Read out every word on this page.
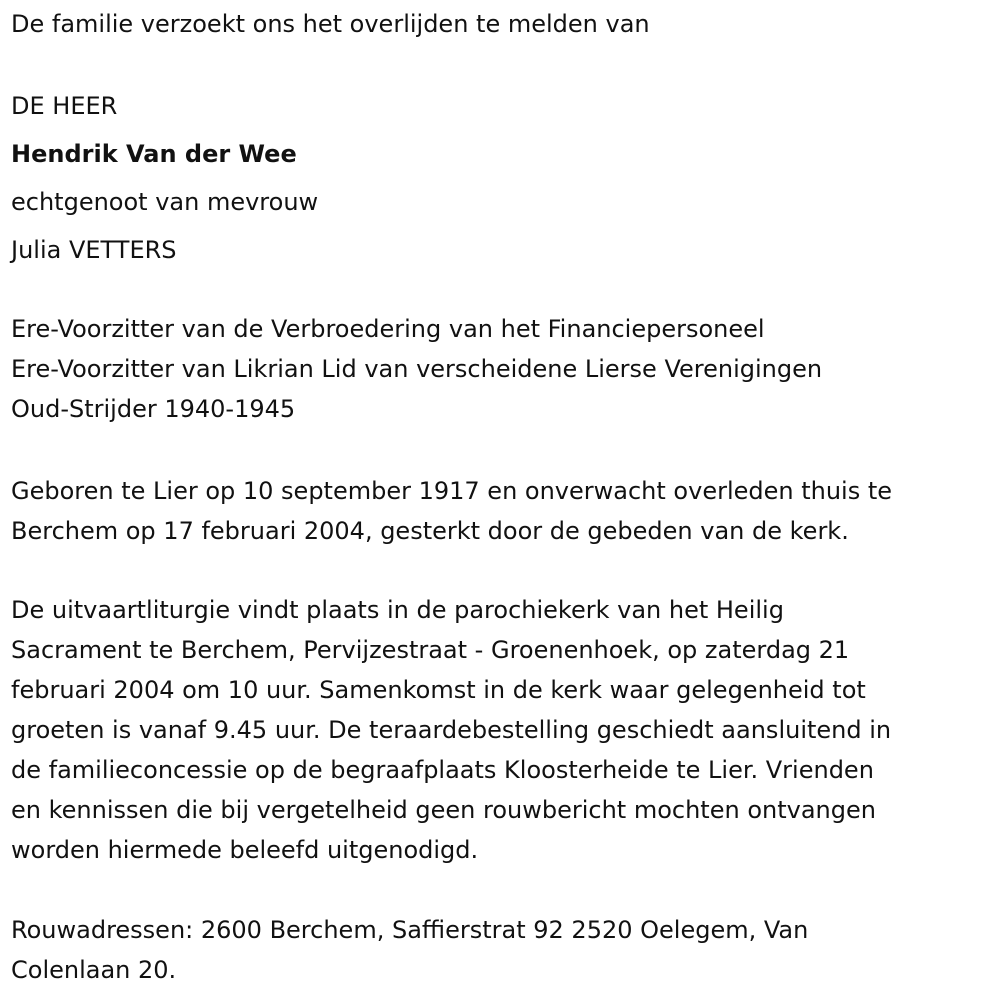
De familie verzoekt ons het overlijden te melden van
DE HEER
Hendrik Van der Wee
echtgenoot van mevrouw
Julia VETTERS
Ere-Voorzitter van de Verbroedering van het Financiepersoneel
Ere-Voorzitter van Likrian Lid van verscheidene Lierse Verenigingen
Oud-Strijder 1940-1945
Geboren te Lier op 10 september 1917 en onverwacht overleden thuis te
Berchem op 17 februari 2004, gesterkt door de gebeden van de kerk.
De uitvaartliturgie vindt plaats in de parochiekerk van het Heilig
Sacrament te Berchem, Pervijzestraat - Groenenhoek, op zaterdag 21
februari 2004 om 10 uur. Samenkomst in de kerk waar gelegenheid tot
groeten is vanaf 9.45 uur. De teraardebestelling geschiedt aansluitend in
de familieconcessie op de begraafplaats Kloosterheide te Lier. Vrienden
en kennissen die bij vergetelheid geen rouwbericht mochten ontvangen
worden hiermede beleefd uitgenodigd.
Rouwadressen: 2600 Berchem, Saffierstrat 92 2520 Oelegem, Van
Colenlaan 20.
